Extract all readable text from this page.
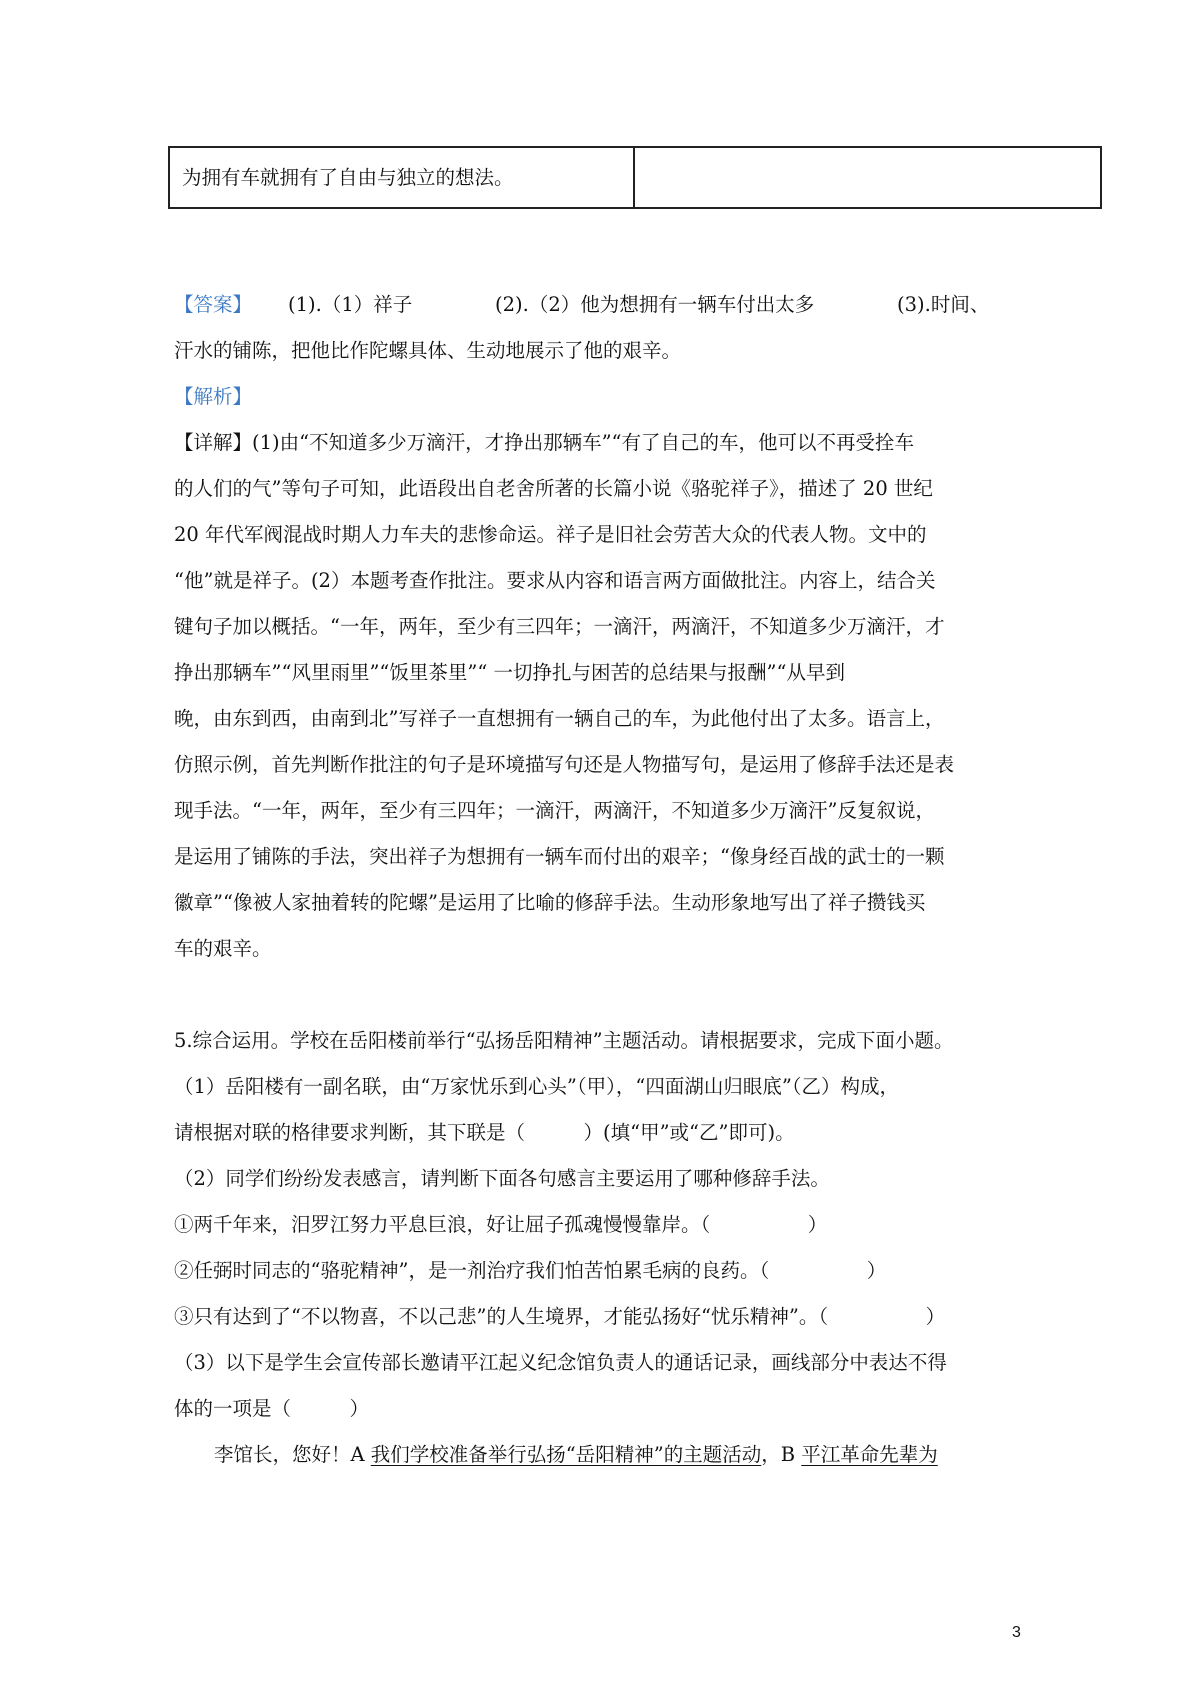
为拥有车就拥有了自由与独立的想法。
【答案】 (1).（1）祥子	(2).（2）他为想拥有一辆车付出太多	(3).时间、
汗水的铺陈，把他比作陀螺具体、生动地展示了他的艰辛。
【解析】
【详解】 (1)由“不知道多少万滴汗，才挣出那辆车”“有了自己的车，他可以不再受拴车
的人们的气”等句子可知，此语段出自老舍所著的长篇小说《骆驼祥子》，描述了 20 世纪
20 年代军阀混战时期人力车夫的悲惨命运。祥子是旧社会劳苦大众的代表人物。文中的
“他”就是祥子。(2）本题考查作批注。要求从内容和语言两方面做批注。内容上，结合关
键句子加以概括。“一年，两年，至少有三四年；一滴汗，两滴汗，不知道多少万滴汗，才
挣出那辆车”“风里雨里”“饭里茶里”“ 一切挣扎与困苦的总结果与报酬”“从早到
晚，由东到西，由南到北”写祥子一直想拥有一辆自己的车，为此他付出了太多。语言上，
仿照示例，首先判断作批注的句子是环境描写句还是人物描写句，是运用了修辞手法还是表
现手法。“一年，两年，至少有三四年；一滴汗，两滴汗，不知道多少万滴汗”反复叙说，
是运用了铺陈的手法，突出祥子为想拥有一辆车而付出的艰辛；“像身经百战的武士的一颗
徽章”“像被人家抽着转的陀螺”是运用了比喻的修辞手法。生动形象地写出了祥子攒钱买
车的艰辛。
5.综合运用。学校在岳阳楼前举行“弘扬岳阳精神”主题活动。请根据要求，完成下面小题。
（1）岳阳楼有一副名联，由“万家忧乐到心头”（甲），“四面湖山归眼底”（乙）构成，
请根据对联的格律要求判断，其下联是（　　　）(填“甲”或“乙”即可)。
（2）同学们纷纷发表感言，请判断下面各句感言主要运用了哪种修辞手法。
①两千年来，汨罗江努力平息巨浪，好让屈子孤魂慢慢靠岸。（　　　　　）
②任弼时同志的“骆驼精神”，是一剂治疗我们怕苦怕累毛病的良药。（　　　　　）
③只有达到了“不以物喜，不以己悲”的人生境界，才能弘扬好“忧乐精神”。（　　　　　）
（3）以下是学生会宣传部长邀请平江起义纪念馆负责人的通话记录，画线部分中表达不得
体的一项是（　　　）
李馆长，您好！A 我们学校准备举行弘扬“岳阳精神”的主题活动，B 平江革命先辈为
3
